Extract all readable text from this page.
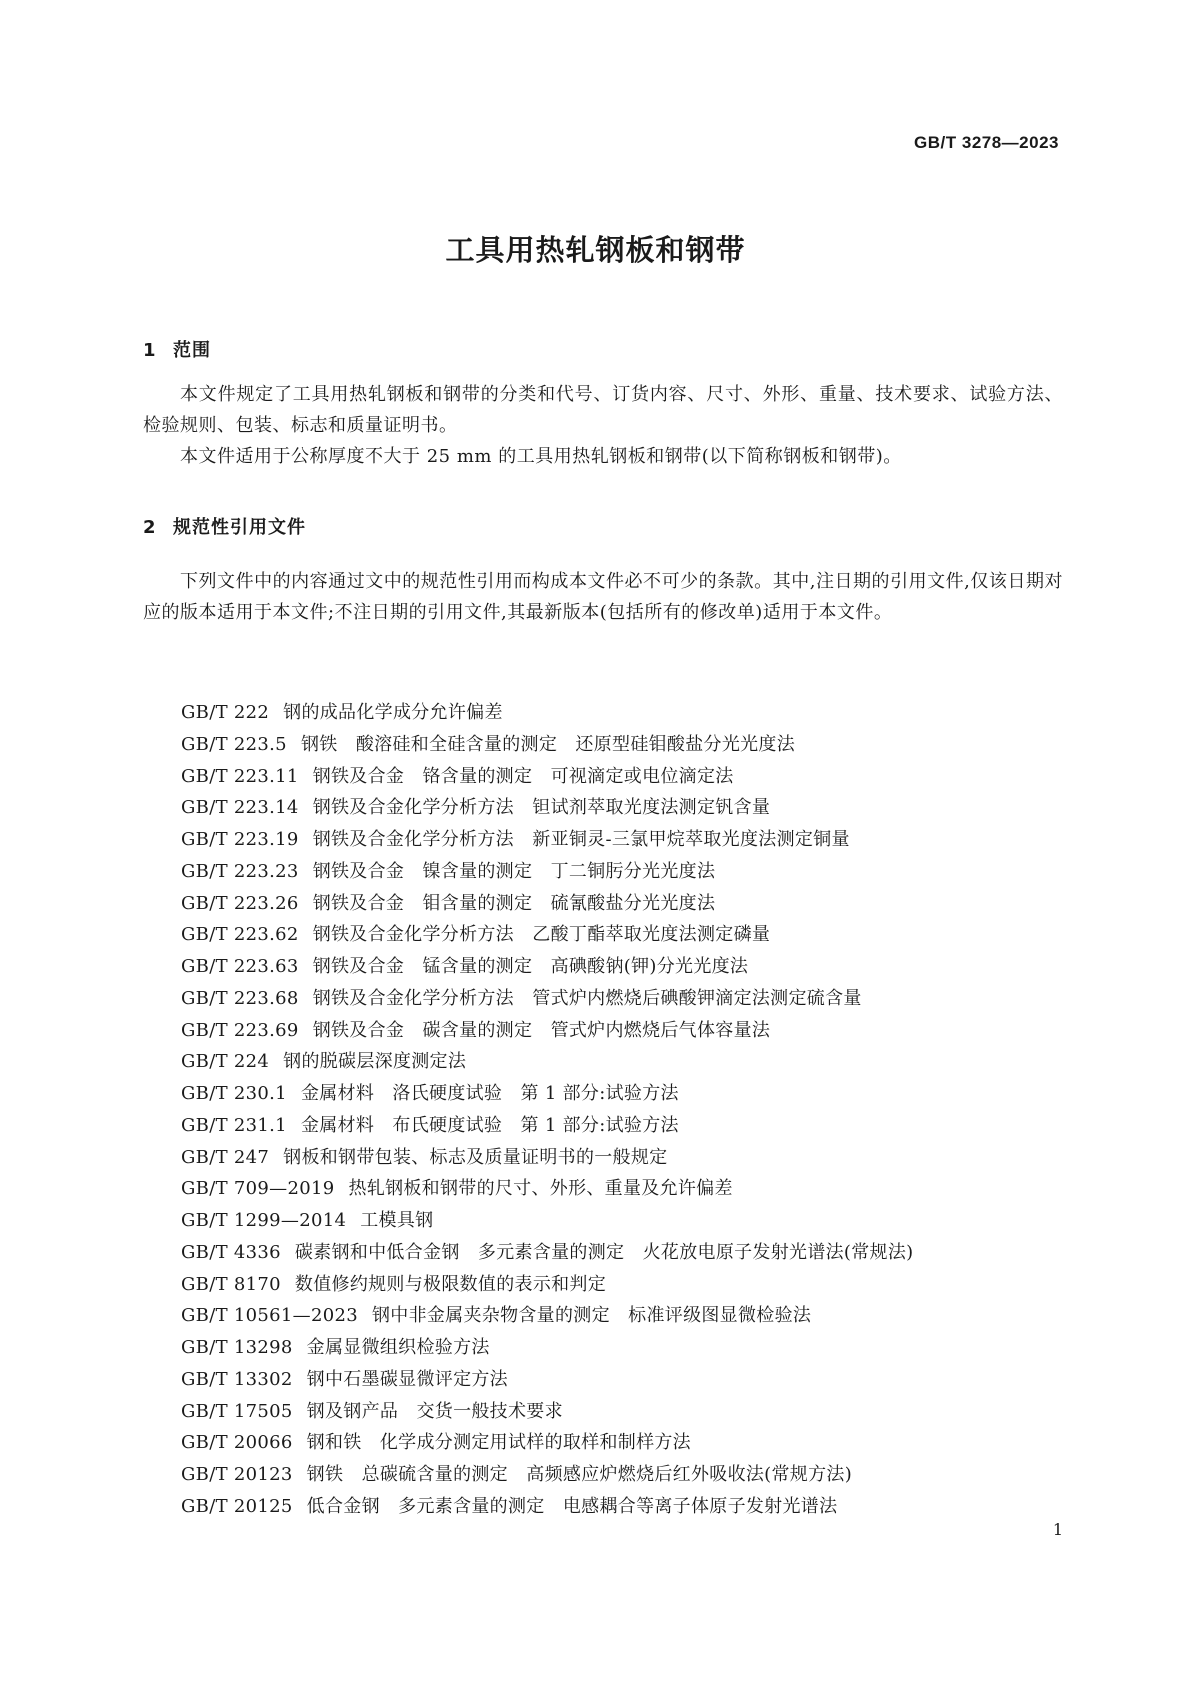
GB/T 3278—2023
工具用热轧钢板和钢带
1 范围

本文件规定了工具用热轧钢板和钢带的分类和代号、订货内容、尺寸、外形、重量、技术要求、试验方法、检验规则、包装、标志和质量证明书。

本文件适用于公称厚度不大于 25 mm 的工具用热轧钢板和钢带(以下简称钢板和钢带)。

2 规范性引用文件

下列文件中的内容通过文中的规范性引用而构成本文件必不可少的条款。其中,注日期的引用文件,仅该日期对应的版本适用于本文件;不注日期的引用文件,其最新版本(包括所有的修改单)适用于本文件。

GB/T 222 钢的成品化学成分允许偏差
GB/T 223.5 钢铁　酸溶硅和全硅含量的测定　还原型硅钼酸盐分光光度法
GB/T 223.11 钢铁及合金　铬含量的测定　可视滴定或电位滴定法
GB/T 223.14 钢铁及合金化学分析方法　钽试剂萃取光度法测定钒含量
GB/T 223.19 钢铁及合金化学分析方法　新亚铜灵-三氯甲烷萃取光度法测定铜量
GB/T 223.23 钢铁及合金　镍含量的测定　丁二铜肟分光光度法
GB/T 223.26 钢铁及合金　钼含量的测定　硫氰酸盐分光光度法
GB/T 223.62 钢铁及合金化学分析方法　乙酸丁酯萃取光度法测定磷量
GB/T 223.63 钢铁及合金　锰含量的测定　高碘酸钠(钾)分光光度法
GB/T 223.68 钢铁及合金化学分析方法　管式炉内燃烧后碘酸钾滴定法测定硫含量
GB/T 223.69 钢铁及合金　碳含量的测定　管式炉内燃烧后气体容量法
GB/T 224 钢的脱碳层深度测定法
GB/T 230.1 金属材料　洛氏硬度试验　第 1 部分:试验方法
GB/T 231.1 金属材料　布氏硬度试验　第 1 部分:试验方法
GB/T 247 钢板和钢带包装、标志及质量证明书的一般规定
GB/T 709—2019 热轧钢板和钢带的尺寸、外形、重量及允许偏差
GB/T 1299—2014 工模具钢
GB/T 4336 碳素钢和中低合金钢　多元素含量的测定　火花放电原子发射光谱法(常规法)
GB/T 8170 数值修约规则与极限数值的表示和判定
GB/T 10561—2023 钢中非金属夹杂物含量的测定　标准评级图显微检验法
GB/T 13298 金属显微组织检验方法
GB/T 13302 钢中石墨碳显微评定方法
GB/T 17505 钢及钢产品　交货一般技术要求
GB/T 20066 钢和铁　化学成分测定用试样的取样和制样方法
GB/T 20123 钢铁　总碳硫含量的测定　高频感应炉燃烧后红外吸收法(常规方法)
GB/T 20125 低合金钢　多元素含量的测定　电感耦合等离子体原子发射光谱法
1
